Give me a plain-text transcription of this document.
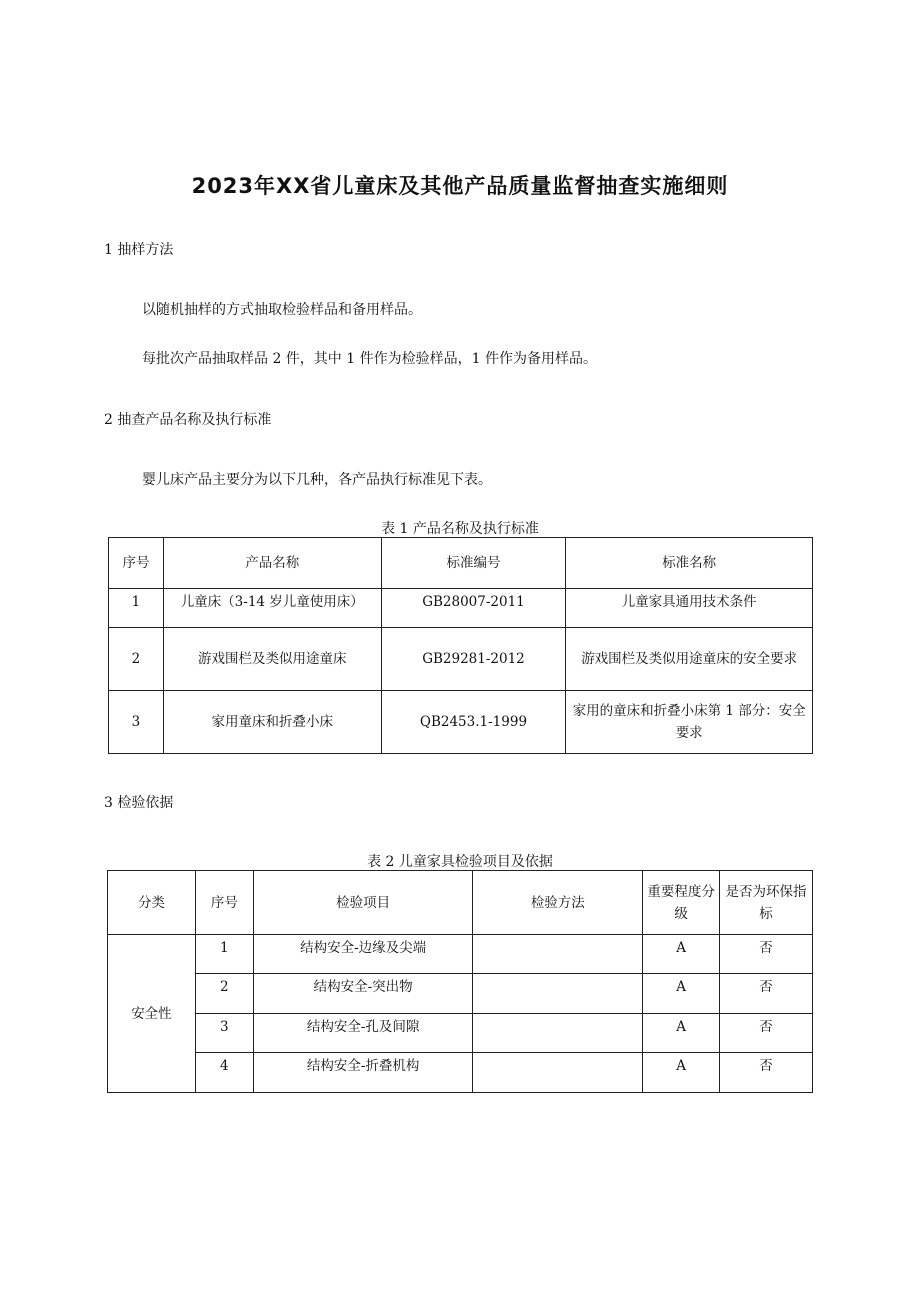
2023年XX省儿童床及其他产品质量监督抽查实施细则
1 抽样方法
以随机抽样的方式抽取检验样品和备用样品。
每批次产品抽取样品 2 件，其中 1 件作为检验样品，1 件作为备用样品。
2 抽查产品名称及执行标准
婴儿床产品主要分为以下几种，各产品执行标准见下表。
表 1 产品名称及执行标准
序号	产品名称	标准编号	标准名称
1	儿童床（3-14 岁儿童使用床）	GB28007-2011	儿童家具通用技术条件
2	游戏围栏及类似用途童床	GB29281-2012	游戏围栏及类似用途童床的安全要求
3	家用童床和折叠小床	QB2453.1-1999	家用的童床和折叠小床第 1 部分：安全要求
3 检验依据
表 2 儿童家具检验项目及依据
分类	序号	检验项目	检验方法	重要程度分级	是否为环保指标
安全性	1	结构安全-边缘及尖端		A	否
	2	结构安全-突出物		A	否
	3	结构安全-孔及间隙		A	否
	4	结构安全-折叠机构		A	否
